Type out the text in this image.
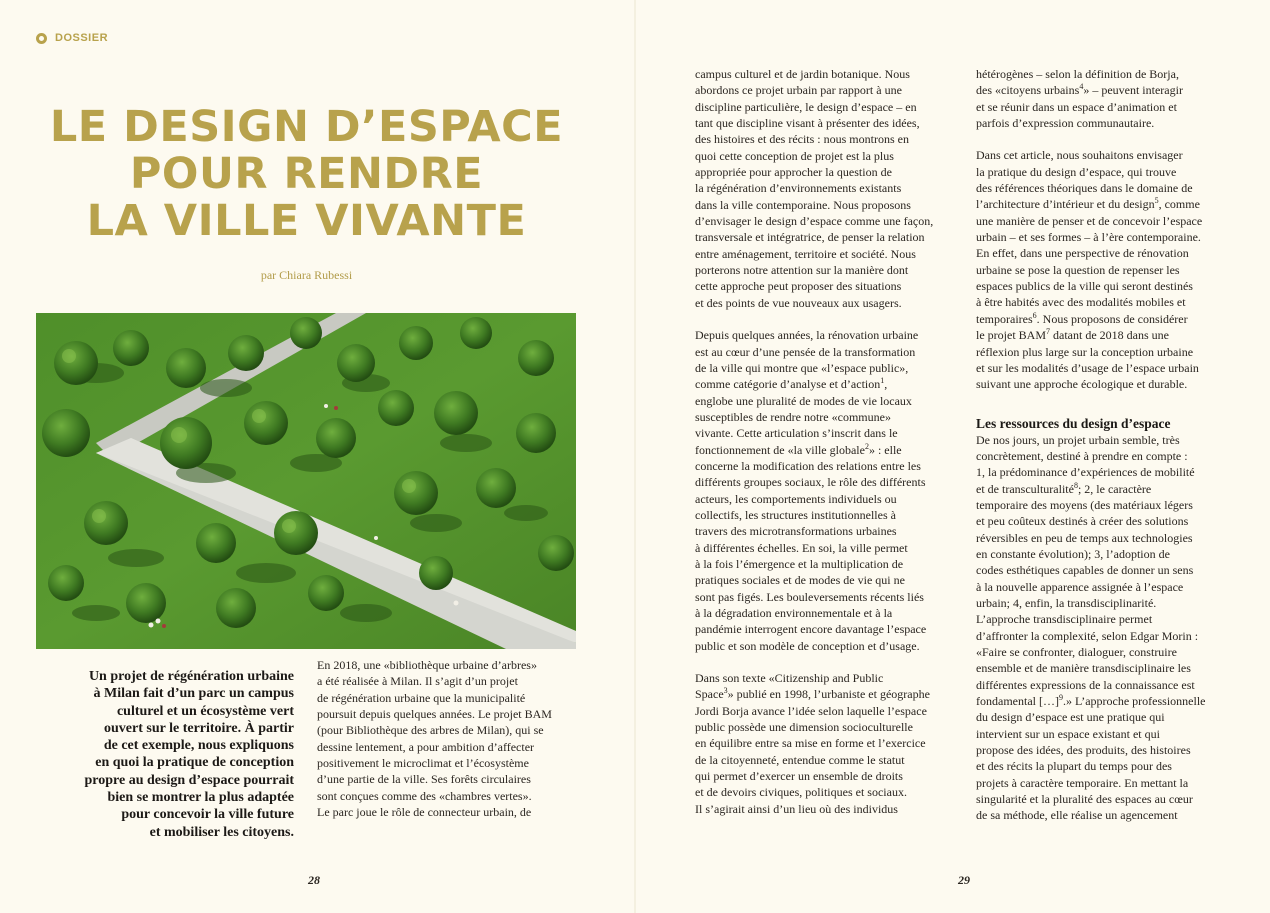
DOSSIER
LE DESIGN D’ESPACE
POUR RENDRE
LA VILLE VIVANTE
par Chiara Rubessi
Un projet de régénération urbaine
à Milan fait d’un parc un campus
culturel et un écosystème vert
ouvert sur le territoire. À partir
de cet exemple, nous expliquons
en quoi la pratique de conception
propre au design d’espace pourrait
bien se montrer la plus adaptée
pour concevoir la ville future
et mobiliser les citoyens.
En 2018, une «bibliothèque urbaine d’arbres»
a été réalisée à Milan. Il s’agit d’un projet
de régénération urbaine que la municipalité
poursuit depuis quelques années. Le projet BAM
(pour Bibliothèque des arbres de Milan), qui se
dessine lentement, a pour ambition d’affecter
positivement le microclimat et l’écosystème
d’une partie de la ville. Ses forêts circulaires
sont conçues comme des «chambres vertes».
Le parc joue le rôle de connecteur urbain, de
28
campus culturel et de jardin botanique. Nous
abordons ce projet urbain par rapport à une
discipline particulière, le design d’espace – en
tant que discipline visant à présenter des idées,
des histoires et des récits : nous montrons en
quoi cette conception de projet est la plus
appropriée pour approcher la question de
la régénération d’environnements existants
dans la ville contemporaine. Nous proposons
d’envisager le design d’espace comme une façon,
transversale et intégratrice, de penser la relation
entre aménagement, territoire et société. Nous
porterons notre attention sur la manière dont
cette approche peut proposer des situations
et des points de vue nouveaux aux usagers.
Depuis quelques années, la rénovation urbaine
est au cœur d’une pensée de la transformation
de la ville qui montre que «l’espace public»,
comme catégorie d’analyse et d’action$^1$,
englobe une pluralité de modes de vie locaux
susceptibles de rendre notre «commune»
vivante. Cette articulation s’inscrit dans le
fonctionnement de «la ville globale$^2$» : elle
concerne la modification des relations entre les
différents groupes sociaux, le rôle des différents
acteurs, les comportements individuels ou
collectifs, les structures institutionnelles à
travers des microtransformations urbaines
à différentes échelles. En soi, la ville permet
à la fois l’émergence et la multiplication de
pratiques sociales et de modes de vie qui ne
sont pas figés. Les bouleversements récents liés
à la dégradation environnementale et à la
pandémie interrogent encore davantage l’espace
public et son modèle de conception et d’usage.
Dans son texte «Citizenship and Public
Space$^3$» publié en 1998, l’urbaniste et géographe
Jordi Borja avance l’idée selon laquelle l’espace
public possède une dimension socioculturelle
en équilibre entre sa mise en forme et l’exercice
de la citoyenneté, entendue comme le statut
qui permet d’exercer un ensemble de droits
et de devoirs civiques, politiques et sociaux.
Il s’agirait ainsi d’un lieu où des individus
hétérogènes – selon la définition de Borja,
des «citoyens urbains$^4$» – peuvent interagir
et se réunir dans un espace d’animation et
parfois d’expression communautaire.
Dans cet article, nous souhaitons envisager
la pratique du design d’espace, qui trouve
des références théoriques dans le domaine de
l’architecture d’intérieur et du design$^5$, comme
une manière de penser et de concevoir l’espace
urbain – et ses formes – à l’ère contemporaine.
En effet, dans une perspective de rénovation
urbaine se pose la question de repenser les
espaces publics de la ville qui seront destinés
à être habités avec des modalités mobiles et
temporaires$^6$. Nous proposons de considérer
le projet BAM$^7$ datant de 2018 dans une
réflexion plus large sur la conception urbaine
et sur les modalités d’usage de l’espace urbain
suivant une approche écologique et durable.
Les ressources du design d’espace
De nos jours, un projet urbain semble, très
concrètement, destiné à prendre en compte :
1, la prédominance d’expériences de mobilité
et de transculturalité$^8$; 2, le caractère
temporaire des moyens (des matériaux légers
et peu coûteux destinés à créer des solutions
réversibles en peu de temps aux technologies
en constante évolution); 3, l’adoption de
codes esthétiques capables de donner un sens
à la nouvelle apparence assignée à l’espace
urbain; 4, enfin, la transdisciplinarité.
L’approche transdisciplinaire permet
d’affronter la complexité, selon Edgar Morin :
«Faire se confronter, dialoguer, construire
ensemble et de manière transdisciplinaire les
différentes expressions de la connaissance est
fondamental […]$^9$.» L’approche professionnelle
du design d’espace est une pratique qui
intervient sur un espace existant et qui
propose des idées, des produits, des histoires
et des récits la plupart du temps pour des
projets à caractère temporaire. En mettant la
singularité et la pluralité des espaces au cœur
de sa méthode, elle réalise un agencement
29
